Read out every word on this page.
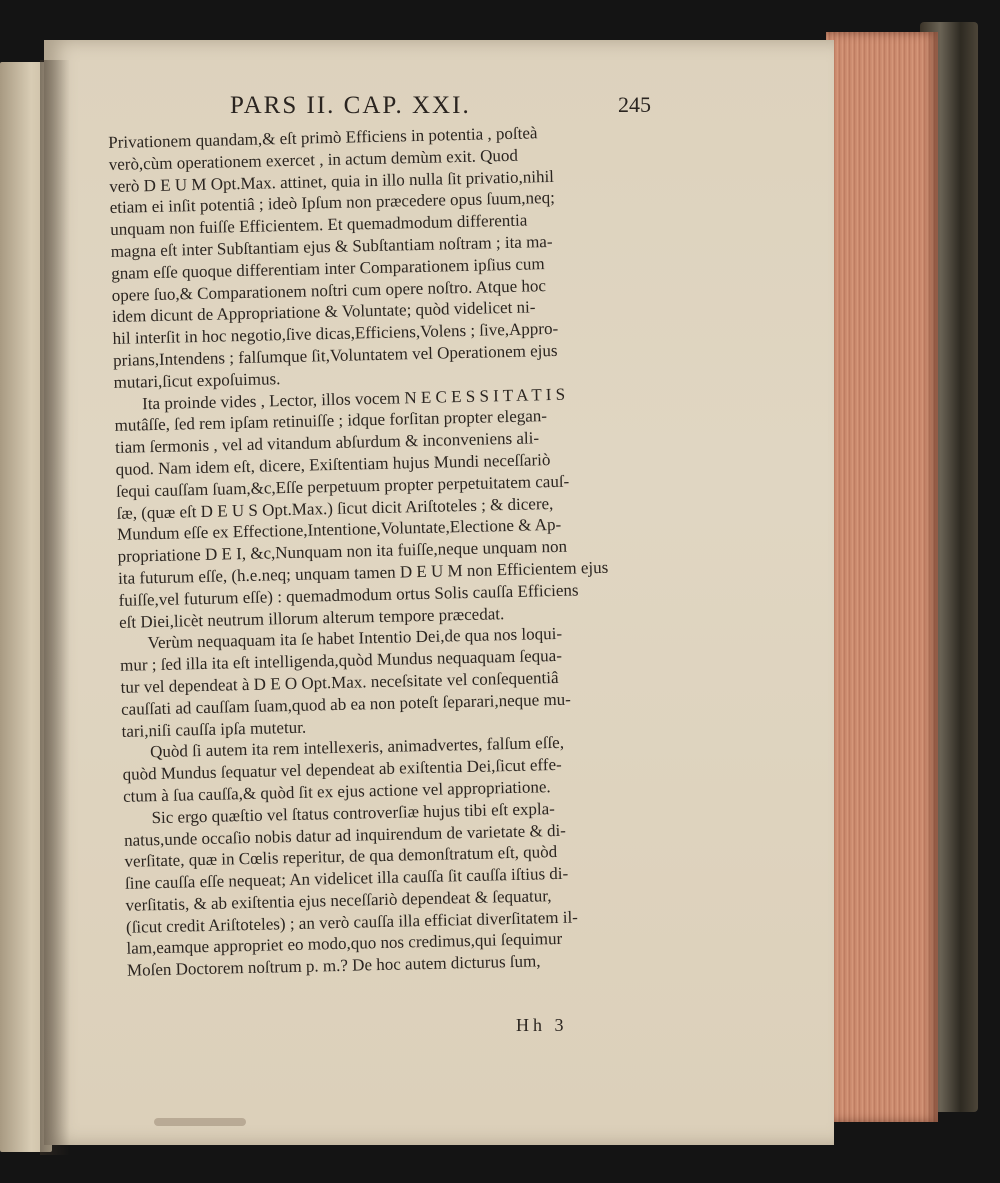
PARS II. CAP. XXI.	245
Privationem quandam,& eſt primò Efficiens in potentia , poſteà
verò,cùm operationem exercet , in actum demùm exit. Quod
verò D E U M Opt.Max. attinet, quia in illo nulla ſit privatio,nihil
etiam ei inſit potentiâ ; ideò Ipſum non præcedere opus ſuum,neq;
unquam non fuiſſe Efficientem. Et quemadmodum differentia
magna eſt inter Subſtantiam ejus & Subſtantiam noſtram ; ita ma-
gnam eſſe quoque differentiam inter Comparationem ipſius cum
opere ſuo,& Comparationem noſtri cum opere noſtro. Atque hoc
idem dicunt de Appropriatione & Voluntate; quòd videlicet ni-
hil interſit in hoc negotio,ſive dicas,Efficiens,Volens ; ſive,Appro-
prians,Intendens ; falſumque ſit,Voluntatem vel Operationem ejus
mutari,ſicut expoſuimus.
Ita proinde vides , Lector, illos vocem N E C E S S I T A T I S
mutâſſe, ſed rem ipſam retinuiſſe ; idque forſitan propter elegan-
tiam ſermonis , vel ad vitandum abſurdum & inconveniens ali-
quod. Nam idem eſt, dicere, Exiſtentiam hujus Mundi neceſſariò
ſequi cauſſam ſuam,&c,Eſſe perpetuum propter perpetuitatem cauſ-
ſæ, (quæ eſt D E U S Opt.Max.) ſicut dicit Ariſtoteles ; & dicere,
Mundum eſſe ex Effectione,Intentione,Voluntate,Electione & Ap-
propriatione D E I, &c,Nunquam non ita fuiſſe,neque unquam non
ita futurum eſſe, (h.e.neq; unquam tamen D E U M non Efficientem ejus
fuiſſe,vel futurum eſſe) : quemadmodum ortus Solis cauſſa Efficiens
eſt Diei,licèt neutrum illorum alterum tempore præcedat.
Verùm nequaquam ita ſe habet Intentio Dei,de qua nos loqui-
mur ; ſed illa ita eſt intelligenda,quòd Mundus nequaquam ſequa-
tur vel dependeat à D E O Opt.Max. neceſsitate vel conſequentiâ
cauſſati ad cauſſam ſuam,quod ab ea non poteſt ſeparari,neque mu-
tari,niſi cauſſa ipſa mutetur.
Quòd ſi autem ita rem intellexeris, animadvertes, falſum eſſe,
quòd Mundus ſequatur vel dependeat ab exiſtentia Dei,ſicut effe-
ctum à ſua cauſſa,& quòd ſit ex ejus actione vel appropriatione.
Sic ergo quæſtio vel ſtatus controverſiæ hujus tibi eſt expla-
natus,unde occaſio nobis datur ad inquirendum de varietate & di-
verſitate, quæ in Cœlis reperitur, de qua demonſtratum eſt, quòd
ſine cauſſa eſſe nequeat; An videlicet illa cauſſa ſit cauſſa iſtius di-
verſitatis, & ab exiſtentia ejus neceſſariò dependeat & ſequatur,
(ſicut credit Ariſtoteles) ; an verò cauſſa illa efficiat diverſitatem il-
lam,eamque appropriet eo modo,quo nos credimus,qui ſequimur
Moſen Doctorem noſtrum p. m.? De hoc autem dicturus ſum,
Hh 3
